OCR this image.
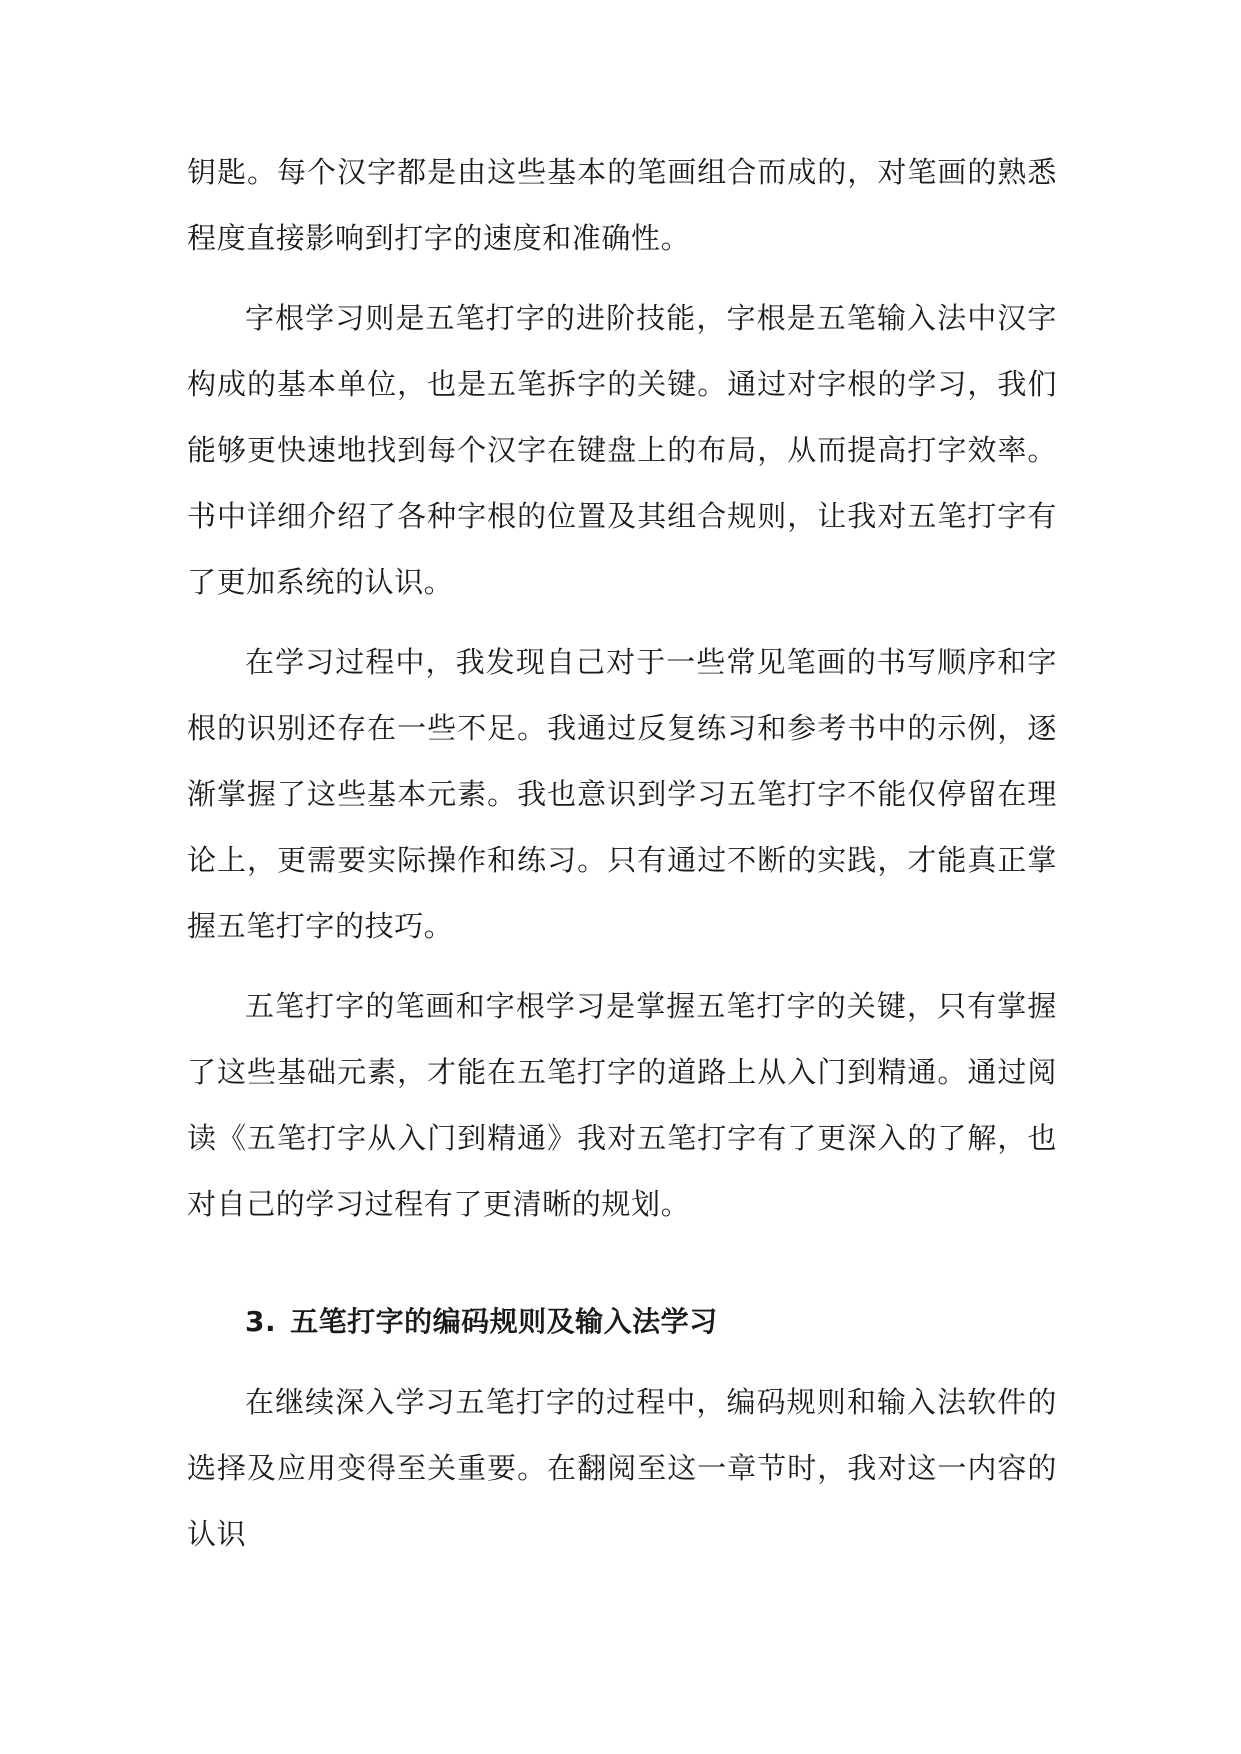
钥匙。每个汉字都是由这些基本的笔画组合而成的，对笔画的熟悉程度直接影响到打字的速度和准确性。

字根学习则是五笔打字的进阶技能，字根是五笔输入法中汉字构成的基本单位，也是五笔拆字的关键。通过对字根的学习，我们能够更快速地找到每个汉字在键盘上的布局，从而提高打字效率。书中详细介绍了各种字根的位置及其组合规则，让我对五笔打字有了更加系统的认识。

在学习过程中，我发现自己对于一些常见笔画的书写顺序和字根的识别还存在一些不足。我通过反复练习和参考书中的示例，逐渐掌握了这些基本元素。我也意识到学习五笔打字不能仅停留在理论上，更需要实际操作和练习。只有通过不断的实践，才能真正掌握五笔打字的技巧。

五笔打字的笔画和字根学习是掌握五笔打字的关键，只有掌握了这些基础元素，才能在五笔打字的道路上从入门到精通。通过阅读《五笔打字从入门到精通》我对五笔打字有了更深入的了解，也对自己的学习过程有了更清晰的规划。

3. 五笔打字的编码规则及输入法学习

在继续深入学习五笔打字的过程中，编码规则和输入法软件的选择及应用变得至关重要。在翻阅至这一章节时，我对这一内容的认识
